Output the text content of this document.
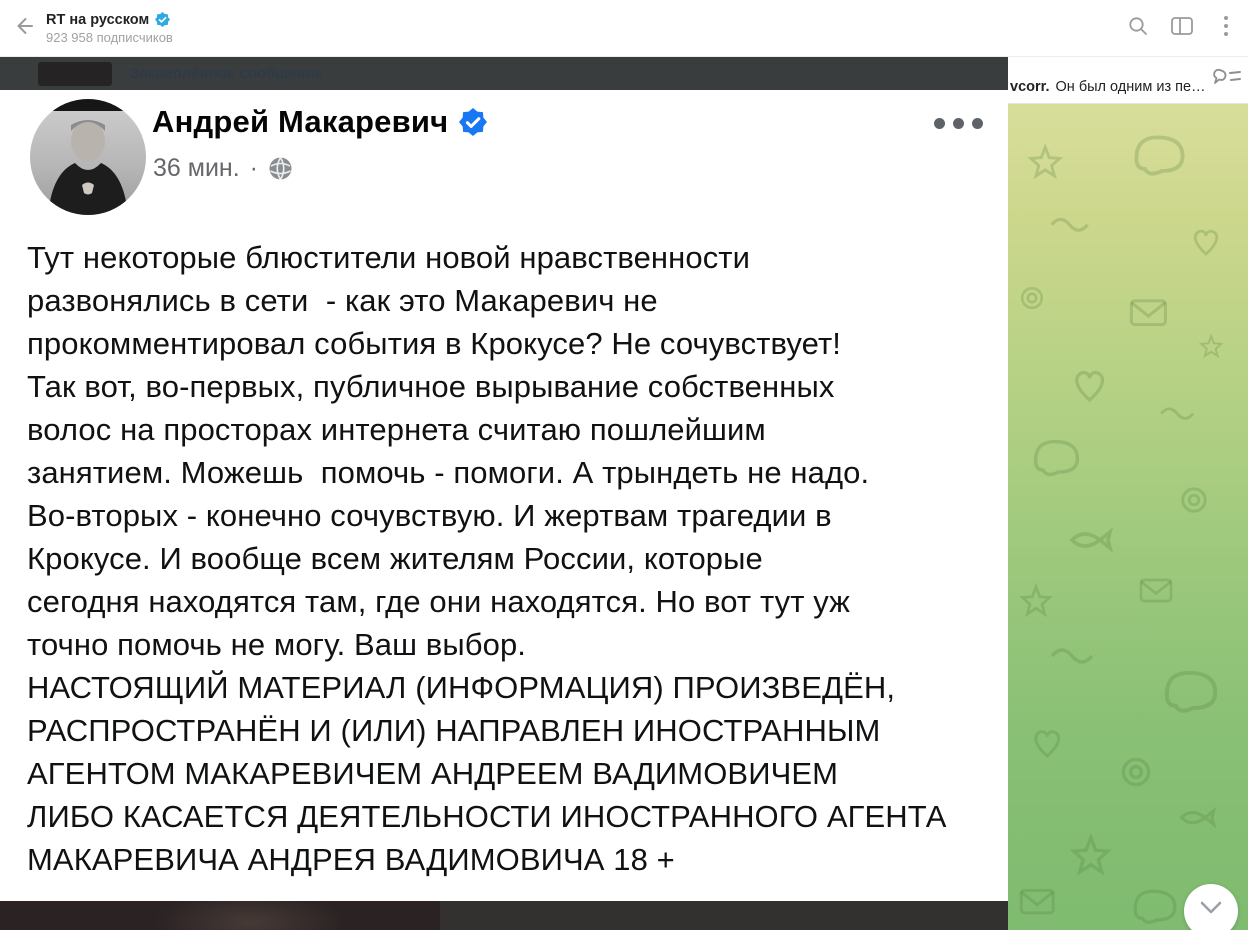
RT на русском
923 958 подписчиков
Закреплённое сообщение
Андрей Макаревич
36 мин. ·
Тут некоторые блюстители новой нравственности
развонялись в сети  - как это Макаревич не
прокомментировал события в Крокусе? Не сочувствует!
Так вот, во-первых, публичное вырывание собственных
волос на просторах интернета считаю пошлейшим
занятием. Можешь  помочь - помоги. А трындеть не надо.
Во-вторых - конечно сочувствую. И жертвам трагедии в
Крокусе. И вообще всем жителям России, которые
сегодня находятся там, где они находятся. Но вот тут уж
точно помочь не могу. Ваш выбор.
НАСТОЯЩИЙ МАТЕРИАЛ (ИНФОРМАЦИЯ) ПРОИЗВЕДЁН,
РАСПРОСТРАНЁН И (ИЛИ) НАПРАВЛЕН ИНОСТРАННЫМ
АГЕНТОМ МАКАРЕВИЧЕМ АНДРЕЕМ ВАДИМОВИЧЕМ
ЛИБО КАСАЕТСЯ ДЕЯТЕЛЬНОСТИ ИНОСТРАННОГО АГЕНТА
МАКАРЕВИЧА АНДРЕЯ ВАДИМОВИЧА 18 +
vcorr. Он был одним из пе…
